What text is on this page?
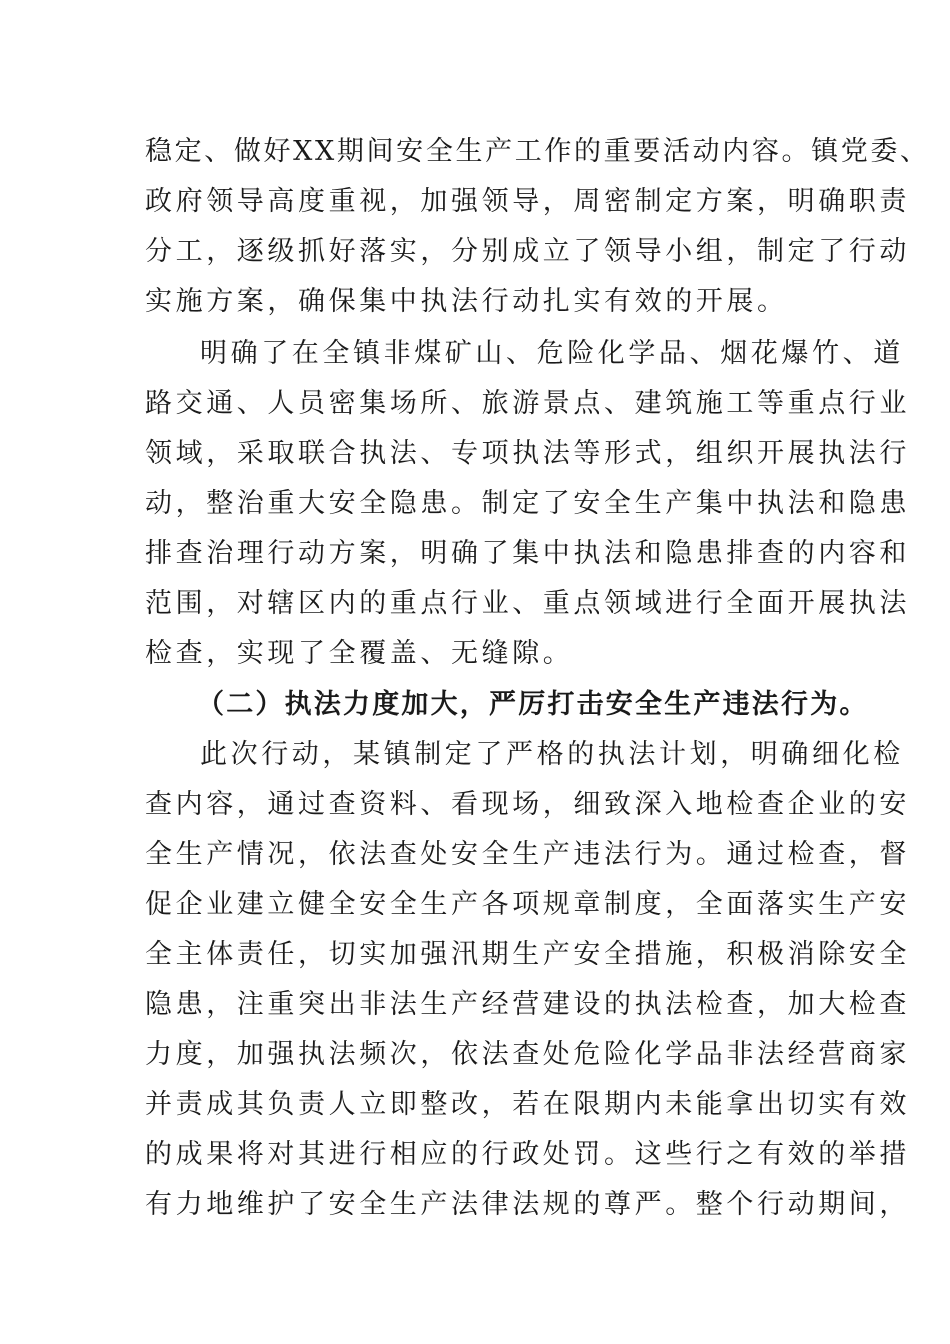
稳定、做好XX期间安全生产工作的重要活动内容。镇党委、
政府领导高度重视，加强领导，周密制定方案，明确职责
分工，逐级抓好落实，分别成立了领导小组，制定了行动
实施方案，确保集中执法行动扎实有效的开展。
明确了在全镇非煤矿山、危险化学品、烟花爆竹、道
路交通、人员密集场所、旅游景点、建筑施工等重点行业
领域，采取联合执法、专项执法等形式，组织开展执法行
动，整治重大安全隐患。制定了安全生产集中执法和隐患
排查治理行动方案，明确了集中执法和隐患排查的内容和
范围，对辖区内的重点行业、重点领域进行全面开展执法
检查，实现了全覆盖、无缝隙。
（二）执法力度加大，严厉打击安全生产违法行为。
此次行动，某镇制定了严格的执法计划，明确细化检
查内容，通过查资料、看现场，细致深入地检查企业的安
全生产情况，依法查处安全生产违法行为。通过检查，督
促企业建立健全安全生产各项规章制度，全面落实生产安
全主体责任，切实加强汛期生产安全措施，积极消除安全
隐患，注重突出非法生产经营建设的执法检查，加大检查
力度，加强执法频次，依法查处危险化学品非法经营商家
并责成其负责人立即整改，若在限期内未能拿出切实有效
的成果将对其进行相应的行政处罚。这些行之有效的举措
有力地维护了安全生产法律法规的尊严。整个行动期间，
